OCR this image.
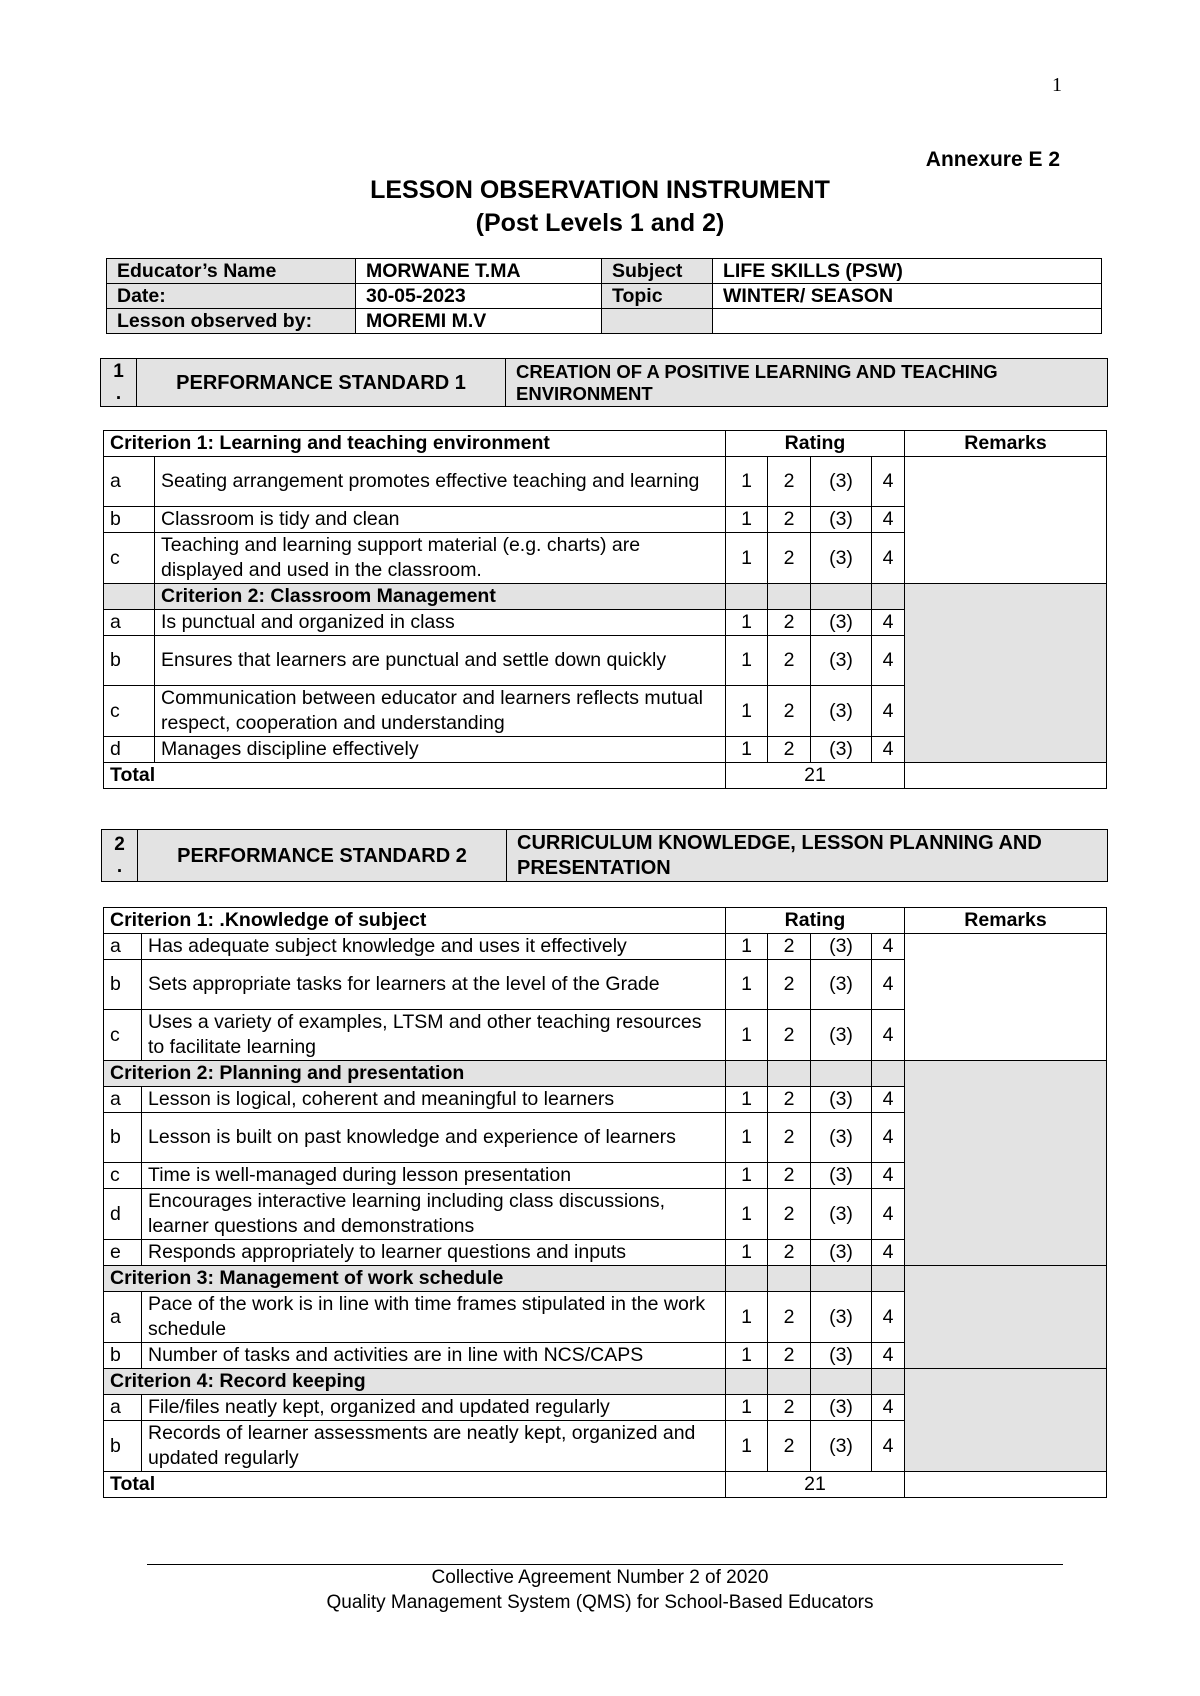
1
Annexure E 2
LESSON OBSERVATION INSTRUMENT
(Post Levels 1 and 2)
Educator’s Name	MORWANE T.MA	Subject	LIFE SKILLS (PSW)
Date:	30-05-2023	Topic	WINTER/ SEASON
Lesson observed by:	MOREMI M.V		
1
.	PERFORMANCE STANDARD 1	CREATION OF A POSITIVE LEARNING AND TEACHING ENVIRONMENT
Criterion 1: Learning and teaching environment		Rating				Remarks
a	Seating arrangement promotes effective teaching and learning	1	2	(3)	4	
b	Classroom is tidy and clean	1	2	(3)	4	
c	Teaching and learning support material (e.g. charts) are displayed and used in the classroom.	1	2	(3)	4	
	Criterion 2: Classroom Management					
a	Is punctual and organized in class	1	2	(3)	4	
b	Ensures that learners are punctual and settle down quickly	1	2	(3)	4	
c	Communication between educator and learners reflects mutual respect, cooperation and understanding	1	2	(3)	4	
d	Manages discipline effectively	1	2	(3)	4	
Total		21				
2
.	PERFORMANCE STANDARD 2	CURRICULUM KNOWLEDGE, LESSON PLANNING AND PRESENTATION
Criterion 1: .Knowledge of subject		Rating				Remarks
a	Has adequate subject knowledge and uses it effectively	1	2	(3)	4	
b	Sets appropriate tasks for learners at the level of the Grade	1	2	(3)	4	
c	Uses a variety of examples, LTSM and other teaching resources to facilitate learning	1	2	(3)	4	
Criterion 2: Planning and presentation						
a	Lesson is logical, coherent and meaningful to learners	1	2	(3)	4	
b	Lesson is built on past knowledge and experience of learners	1	2	(3)	4	
c	Time is well-managed during lesson presentation	1	2	(3)	4	
d	Encourages interactive learning including class discussions, learner questions and demonstrations	1	2	(3)	4	
e	Responds appropriately to learner questions and inputs	1	2	(3)	4	
Criterion 3: Management of work schedule						
a	Pace of the work is in line with time frames stipulated in the work schedule	1	2	(3)	4	
b	Number of tasks and activities are in line with NCS/CAPS	1	2	(3)	4	
Criterion 4: Record keeping						
a	File/files neatly kept, organized and updated regularly	1	2	(3)	4	
b	Records of learner assessments are neatly kept, organized and updated regularly	1	2	(3)	4	
Total		21				
Collective Agreement Number 2 of 2020
Quality Management System (QMS) for School-Based Educators
